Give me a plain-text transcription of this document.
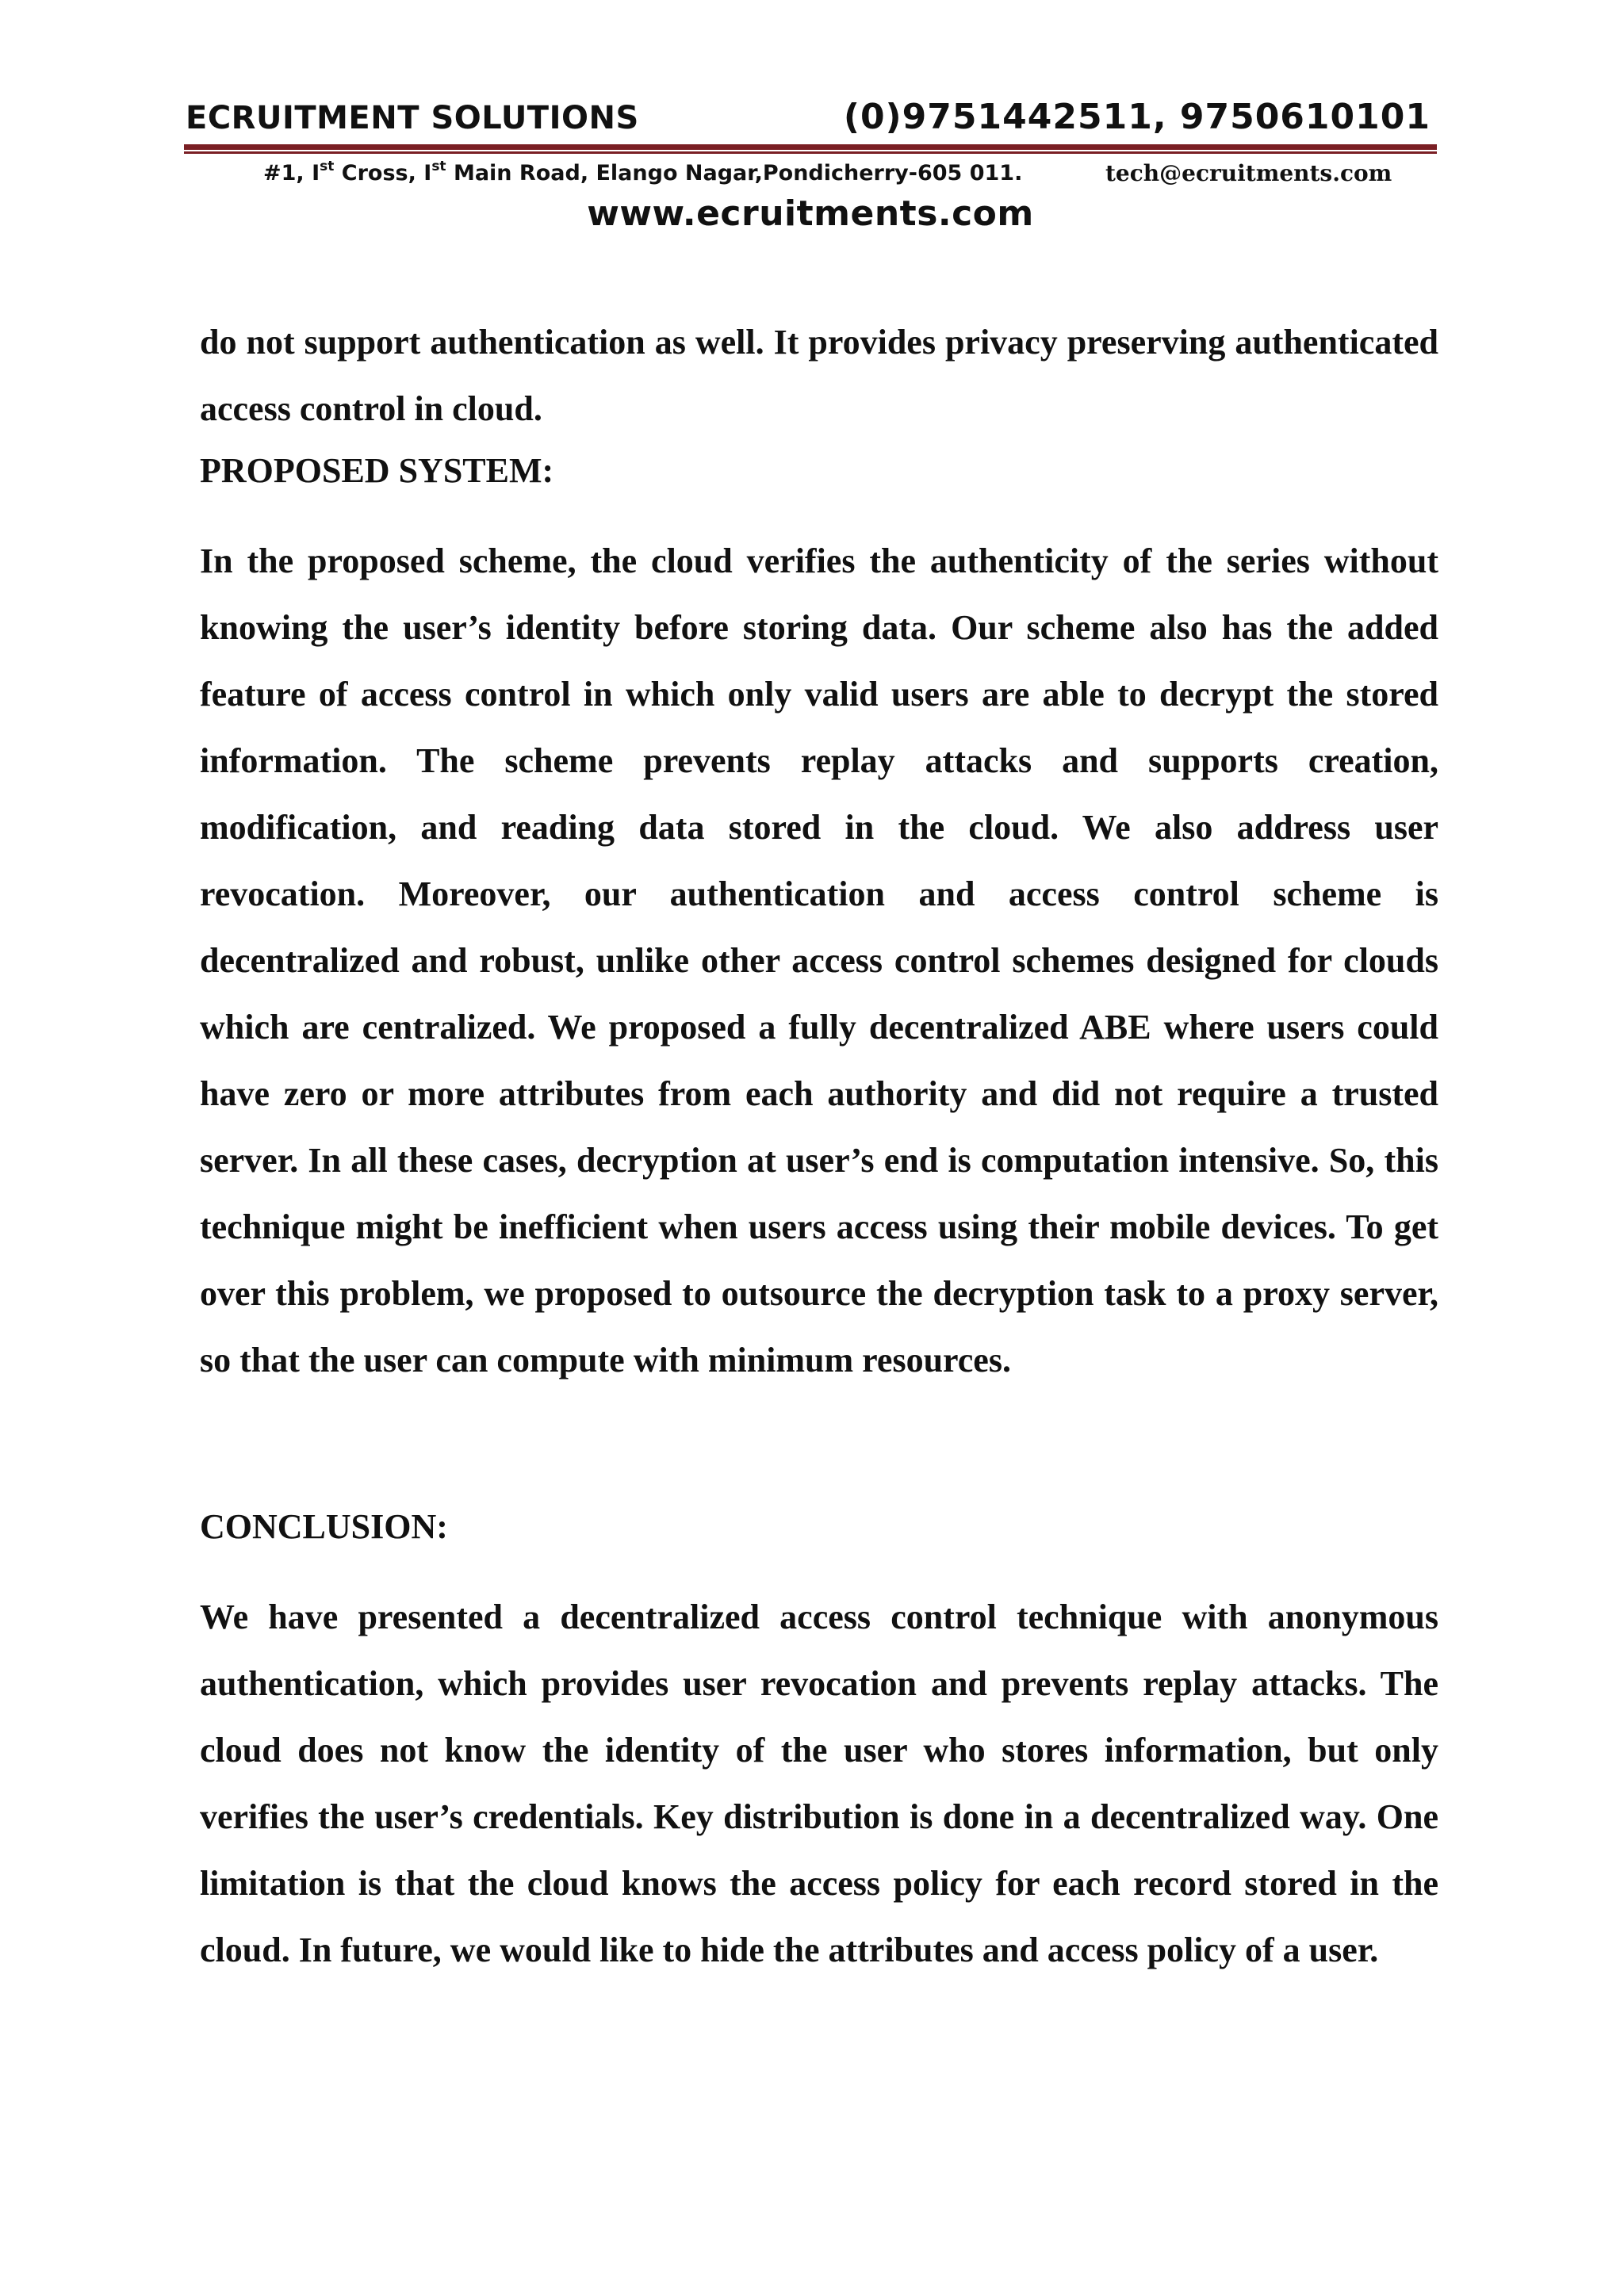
ECRUITMENT SOLUTIONS	(0)9751442511, 9750610101
#1, Ist Cross, Ist Main Road, Elango Nagar,Pondicherry-605 011.	tech@ecruitments.com
www.ecruitments.com

do not support authentication as well. It provides privacy preserving authenticated access control in cloud.

PROPOSED SYSTEM:

In the proposed scheme, the cloud verifies the authenticity of the series without knowing the user’s identity before storing data. Our scheme also has the added feature of access control in which only valid users are able to decrypt the stored information. The scheme prevents replay attacks and supports creation, modification, and reading data stored in the cloud. We also address user revocation. Moreover, our authentication and access control scheme is decentralized and robust, unlike other access control schemes designed for clouds which are centralized. We proposed a fully decentralized ABE where users could have zero or more attributes from each authority and did not require a trusted server. In all these cases, decryption at user’s end is computation intensive. So, this technique might be inefficient when users access using their mobile devices. To get over this problem, we proposed to outsource the decryption task to a proxy server, so that the user can compute with minimum resources.

CONCLUSION:

We have presented a decentralized access control technique with anonymous authentication, which provides user revocation and prevents replay attacks. The cloud does not know the identity of the user who stores information, but only verifies the user’s credentials. Key distribution is done in a decentralized way. One limitation is that the cloud knows the access policy for each record stored in the cloud. In future, we would like to hide the attributes and access policy of a user.
